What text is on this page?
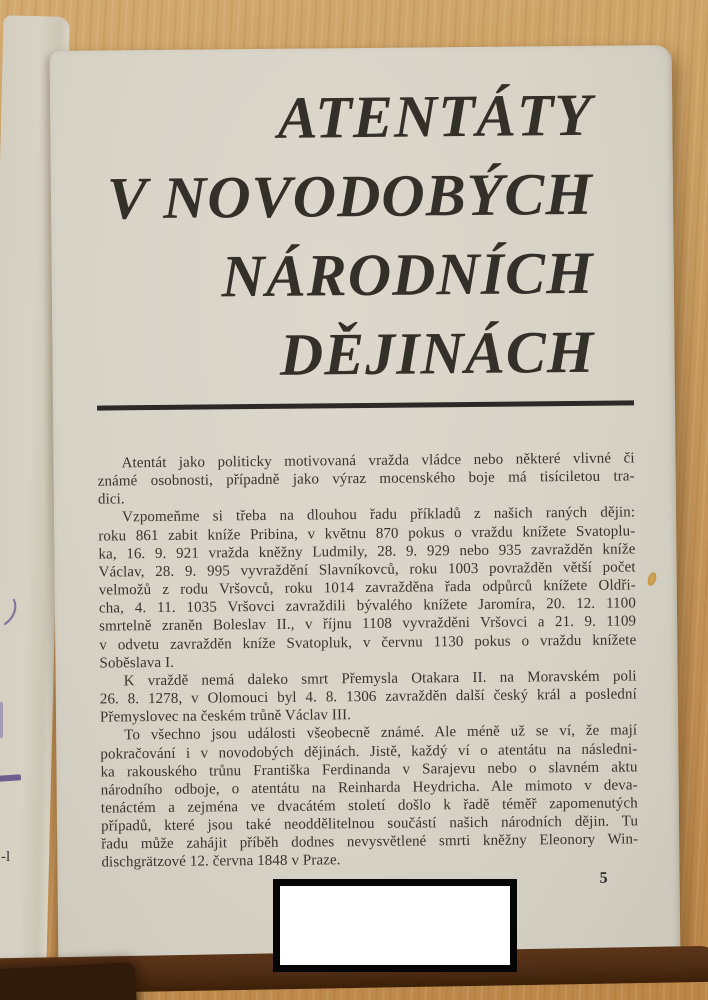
ATENTÁTY
V NOVODOBÝCH
NÁRODNÍCH
DĚJINÁCH
Atentát jako politicky motivovaná vražda vládce nebo některé vlivné či
známé osobnosti, případně jako výraz mocenského boje má tisíciletou tra-
dici.
Vzpomeňme si třeba na dlouhou řadu příkladů z našich raných dějin:
roku 861 zabit kníže Pribina, v květnu 870 pokus o vraždu knížete Svatoplu-
ka, 16. 9. 921 vražda kněžny Ludmily, 28. 9. 929 nebo 935 zavražděn kníže
Václav, 28. 9. 995 vyvraždění Slavníkovců, roku 1003 povražděn větší počet
velmožů z rodu Vršovců, roku 1014 zavražděna řada odpůrců knížete Oldři-
cha, 4. 11. 1035 Vršovci zavraždili bývalého knížete Jaromíra, 20. 12. 1100
smrtelně zraněn Boleslav II., v říjnu 1108 vyvražděni Vršovci a 21. 9. 1109
v odvetu zavražděn kníže Svatopluk, v červnu 1130 pokus o vraždu knížete
Soběslava I.
K vraždě nemá daleko smrt Přemysla Otakara II. na Moravském poli
26. 8. 1278, v Olomouci byl 4. 8. 1306 zavražděn další český král a poslední
Přemyslovec na českém trůně Václav III.
To všechno jsou události všeobecně známé. Ale méně už se ví, že mají
pokračování i v novodobých dějinách. Jistě, každý ví o atentátu na následni-
ka rakouského trůnu Františka Ferdinanda v Sarajevu nebo o slavném aktu
národního odboje, o atentátu na Reinharda Heydricha. Ale mimoto v deva-
tenáctém a zejména ve dvacátém století došlo k řadě téměř zapomenutých
případů, které jsou také neoddělitelnou součástí našich národních dějin. Tu
řadu může zahájit příběh dodnes nevysvětlené smrti kněžny Eleonory Win-
dischgrätzové 12. června 1848 v Praze.
5
-l
